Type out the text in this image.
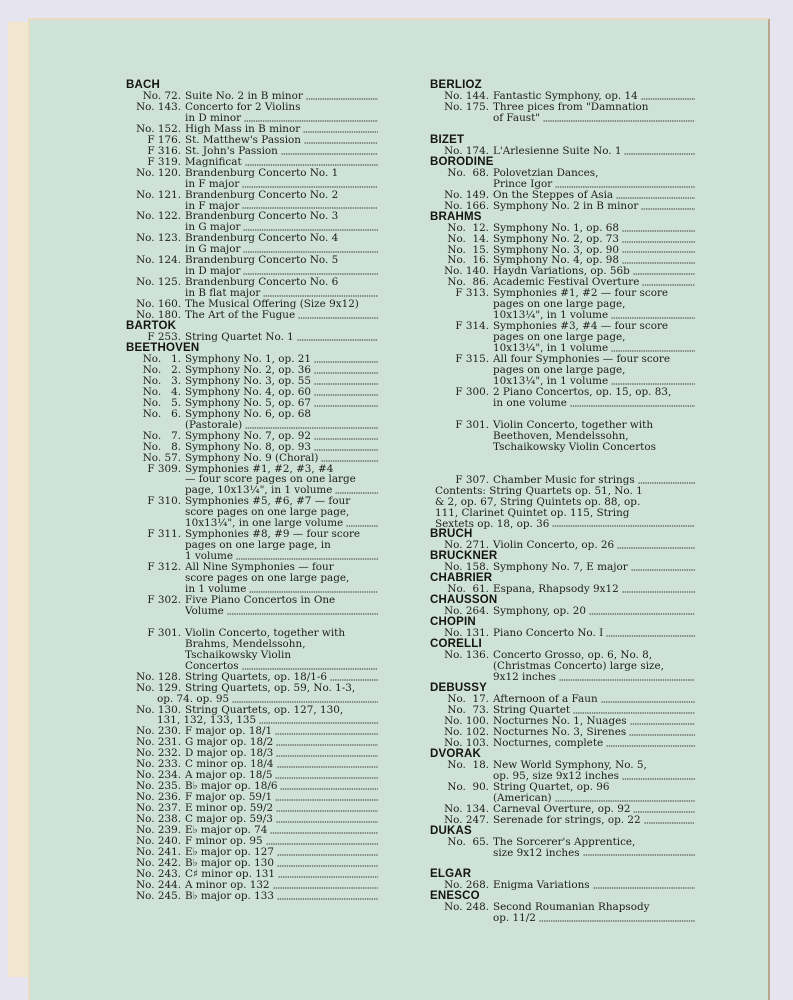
BACH
No. 72. Suite No. 2 in B minor
No. 143. Concerto for 2 Violins
in D minor
No. 152. High Mass in B minor
F 176. St. Matthew's Passion
F 316. St. John's Passion
F 319. Magnificat
No. 120. Brandenburg Concerto No. 1
in F major
No. 121. Brandenburg Concerto No. 2
in F major
No. 122. Brandenburg Concerto No. 3
in G major
No. 123. Brandenburg Concerto No. 4
in G major
No. 124. Brandenburg Concerto No. 5
in D major
No. 125. Brandenburg Concerto No. 6
in B flat major
No. 160. The Musical Offering (Size 9x12)
No. 180. The Art of the Fugue
BARTOK
F 253. String Quartet No. 1
BEETHOVEN
No.   1. Symphony No. 1, op. 21
No.   2. Symphony No. 2, op. 36
No.   3. Symphony No. 3, op. 55
No.   4. Symphony No. 4, op. 60
No.   5. Symphony No. 5, op. 67
No.   6. Symphony No. 6, op. 68
(Pastorale)
No.   7. Symphony No. 7, op. 92
No.   8. Symphony No. 8, op. 93
No. 57. Symphony No. 9 (Choral)
F 309. Symphonies #1, #2, #3, #4
— four score pages on one large
page, 10x13¼", in 1 volume
F 310. Symphonies #5, #6, #7 — four
score pages on one large page,
10x13¼", in one large volume
F 311. Symphonies #8, #9 — four score
pages on one large page, in
1 volume
F 312. All Nine Symphonies — four
score pages on one large page,
in 1 volume
F 302. Five Piano Concertos in One
Volume
F 301. Violin Concerto, together with
Brahms, Mendelssohn,
Tschaikowsky Violin
Concertos
No. 128. String Quartets, op. 18/1-6
No. 129. String Quartets, op. 59, No. 1-3,
op. 74. op. 95
No. 130. String Quartets, op. 127, 130,
131, 132, 133, 135
No. 230. F major op. 18/1
No. 231. G major op. 18/2
No. 232. D major op. 18/3
No. 233. C minor op. 18/4
No. 234. A major op. 18/5
No. 235. B♭ major op. 18/6
No. 236. F major op. 59/1
No. 237. E minor op. 59/2
No. 238. C major op. 59/3
No. 239. E♭ major op. 74
No. 240. F minor op. 95
No. 241. E♭ major op. 127
No. 242. B♭ major op. 130
No. 243. C♯ minor op. 131
No. 244. A minor op. 132
No. 245. B♭ major op. 133
BERLIOZ
No. 144. Fantastic Symphony, op. 14
No. 175. Three pices from "Damnation
of Faust"
BIZET
No. 174. L'Arlesienne Suite No. 1
BORODINE
No.  68. Polovetzian Dances,
Prince Igor
No. 149. On the Steppes of Asia
No. 166. Symphony No. 2 in B minor
BRAHMS
No.  12. Symphony No. 1, op. 68
No.  14. Symphony No. 2, op. 73
No.  15. Symphony No. 3, op. 90
No.  16. Symphony No. 4, op. 98
No. 140. Haydn Variations, op. 56b
No.  86. Academic Festival Overture
F 313. Symphonies #1, #2 — four score
pages on one large page,
10x13¼", in 1 volume
F 314. Symphonies #3, #4 — four score
pages on one large page,
10x13¼", in 1 volume
F 315. All four Symphonies — four score
pages on one large page,
10x13¼", in 1 volume
F 300. 2 Piano Concertos, op. 15, op. 83,
in one volume
F 301. Violin Concerto, together with
Beethoven, Mendelssohn,
Tschaikowsky Violin Concertos
F 307. Chamber Music for strings
Contents: String Quartets op. 51, No. 1
& 2, op. 67, String Quintets op. 88, op.
111, Clarinet Quintet op. 115, String
Sextets op. 18, op. 36
BRUCH
No. 271. Violin Concerto, op. 26
BRUCKNER
No. 158. Symphony No. 7, E major
CHABRIER
No.  61. Espana, Rhapsody 9x12
CHAUSSON
No. 264. Symphony, op. 20
CHOPIN
No. 131. Piano Concerto No. I
CORELLI
No. 136. Concerto Grosso, op. 6, No. 8,
(Christmas Concerto) large size,
9x12 inches
DEBUSSY
No.  17. Afternoon of a Faun
No.  73. String Quartet
No. 100. Nocturnes No. 1, Nuages
No. 102. Nocturnes No. 3, Sirenes
No. 103. Nocturnes, complete
DVORAK
No.  18. New World Symphony, No. 5,
op. 95, size 9x12 inches
No.  90. String Quartet, op. 96
(American)
No. 134. Carneval Overture, op. 92
No. 247. Serenade for strings, op. 22
DUKAS
No.  65. The Sorcerer's Apprentice,
size 9x12 inches
ELGAR
No. 268. Enigma Variations
ENESCO
No. 248. Second Roumanian Rhapsody
op. 11/2
